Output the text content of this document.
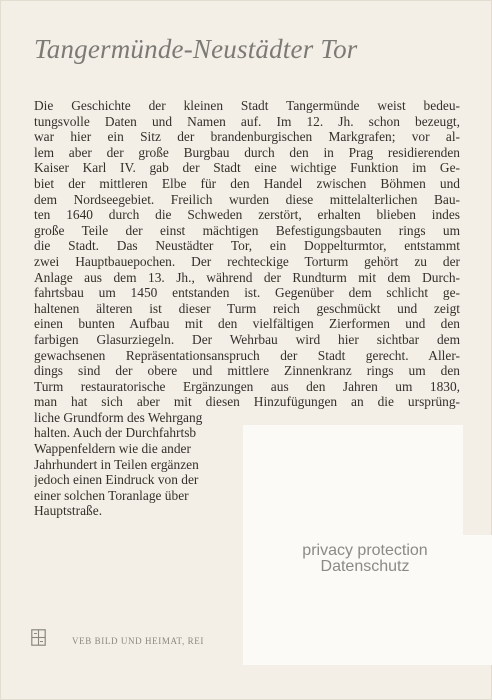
Tangermünde-Neustädter Tor
Die Geschichte der kleinen Stadt Tangermünde weist bedeu-
tungsvolle Daten und Namen auf. Im 12. Jh. schon bezeugt,
war hier ein Sitz der brandenburgischen Markgrafen; vor al-
lem aber der große Burgbau durch den in Prag residierenden
Kaiser Karl IV. gab der Stadt eine wichtige Funktion im Ge-
biet der mittleren Elbe für den Handel zwischen Böhmen und
dem Nordseegebiet. Freilich wurden diese mittelalterlichen Bau-
ten 1640 durch die Schweden zerstört, erhalten blieben indes
große Teile der einst mächtigen Befestigungsbauten rings um
die Stadt. Das Neustädter Tor, ein Doppelturmtor, entstammt
zwei Hauptbauepochen. Der rechteckige Torturm gehört zu der
Anlage aus dem 13. Jh., während der Rundturm mit dem Durch-
fahrtsbau um 1450 entstanden ist. Gegenüber dem schlicht ge-
haltenen älteren ist dieser Turm reich geschmückt und zeigt
einen bunten Aufbau mit den vielfältigen Zierformen und den
farbigen Glasurziegeln. Der Wehrbau wird hier sichtbar dem
gewachsenen Repräsentationsanspruch der Stadt gerecht. Aller-
dings sind der obere und mittlere Zinnenkranz rings um den
Turm restauratorische Ergänzungen aus den Jahren um 1830,
man hat sich aber mit diesen Hinzufügungen an die ursprüng-
liche Grundform des Wehrgang
halten. Auch der Durchfahrtsb
Wappenfeldern wie die ander
Jahrhundert in Teilen ergänzen
jedoch einen Eindruck von der
einer solchen Toranlage über
Hauptstraße.
privacy protection
Datenschutz
VEB BILD UND HEIMAT, REI
